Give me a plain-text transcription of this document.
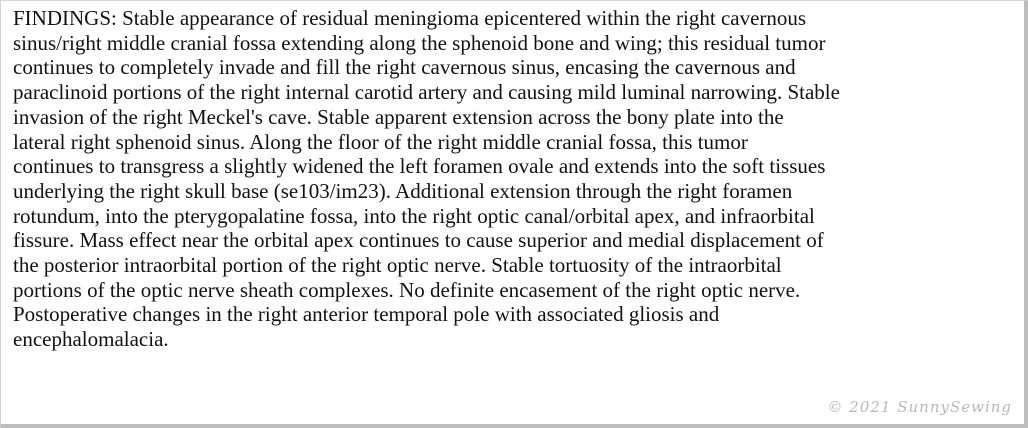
FINDINGS: Stable appearance of residual meningioma epicentered within the right cavernous
sinus/right middle cranial fossa extending along the sphenoid bone and wing; this residual tumor
continues to completely invade and fill the right cavernous sinus, encasing the cavernous and
paraclinoid portions of the right internal carotid artery and causing mild luminal narrowing. Stable
invasion of the right Meckel's cave. Stable apparent extension across the bony plate into the
lateral right sphenoid sinus. Along the floor of the right middle cranial fossa, this tumor
continues to transgress a slightly widened the left foramen ovale and extends into the soft tissues
underlying the right skull base (se103/im23). Additional extension through the right foramen
rotundum, into the pterygopalatine fossa, into the right optic canal/orbital apex, and infraorbital
fissure. Mass effect near the orbital apex continues to cause superior and medial displacement of
the posterior intraorbital portion of the right optic nerve. Stable tortuosity of the intraorbital
portions of the optic nerve sheath complexes. No definite encasement of the right optic nerve.
Postoperative changes in the right anterior temporal pole with associated gliosis and
encephalomalacia.

© 2021 SunnySewing
